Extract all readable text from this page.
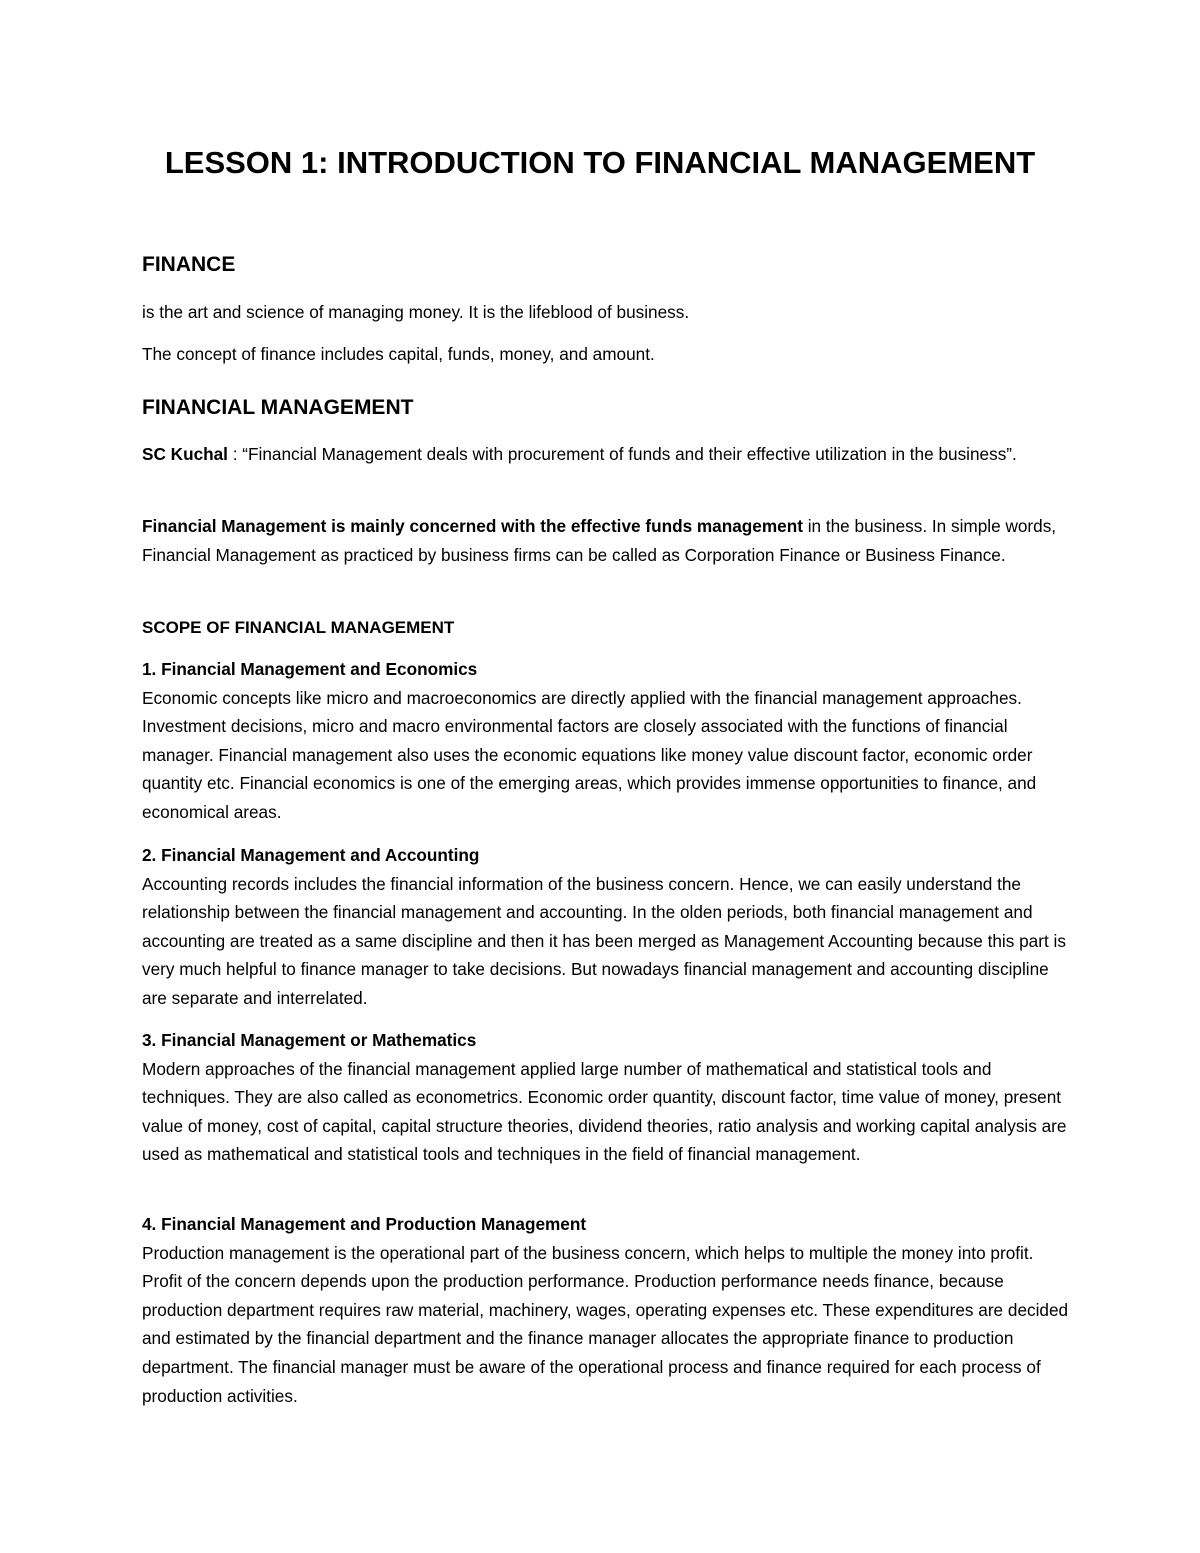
LESSON 1: INTRODUCTION TO FINANCIAL MANAGEMENT
FINANCE
is the art and science of managing money. It is the lifeblood of business.
The concept of finance includes capital, funds, money, and amount.
FINANCIAL MANAGEMENT
SC Kuchal : “Financial Management deals with procurement of funds and their effective utilization in the business”.
Financial Management is mainly concerned with the effective funds management in the business. In simple words, Financial Management as practiced by business firms can be called as Corporation Finance or Business Finance.
SCOPE OF FINANCIAL MANAGEMENT
1. Financial Management and Economics
Economic concepts like micro and macroeconomics are directly applied with the financial management approaches. Investment decisions, micro and macro environmental factors are closely associated with the functions of financial manager. Financial management also uses the economic equations like money value discount factor, economic order quantity etc. Financial economics is one of the emerging areas, which provides immense opportunities to finance, and economical areas.
2. Financial Management and Accounting
Accounting records includes the financial information of the business concern. Hence, we can easily understand the relationship between the financial management and accounting. In the olden periods, both financial management and accounting are treated as a same discipline and then it has been merged as Management Accounting because this part is very much helpful to finance manager to take decisions. But nowadays financial management and accounting discipline are separate and interrelated.
3. Financial Management or Mathematics
Modern approaches of the financial management applied large number of mathematical and statistical tools and techniques. They are also called as econometrics. Economic order quantity, discount factor, time value of money, present value of money, cost of capital, capital structure theories, dividend theories, ratio analysis and working capital analysis are used as mathematical and statistical tools and techniques in the field of financial management.
4. Financial Management and Production Management
Production management is the operational part of the business concern, which helps to multiple the money into profit. Profit of the concern depends upon the production performance. Production performance needs finance, because production department requires raw material, machinery, wages, operating expenses etc. These expenditures are decided and estimated by the financial department and the finance manager allocates the appropriate finance to production department. The financial manager must be aware of the operational process and finance required for each process of production activities.
